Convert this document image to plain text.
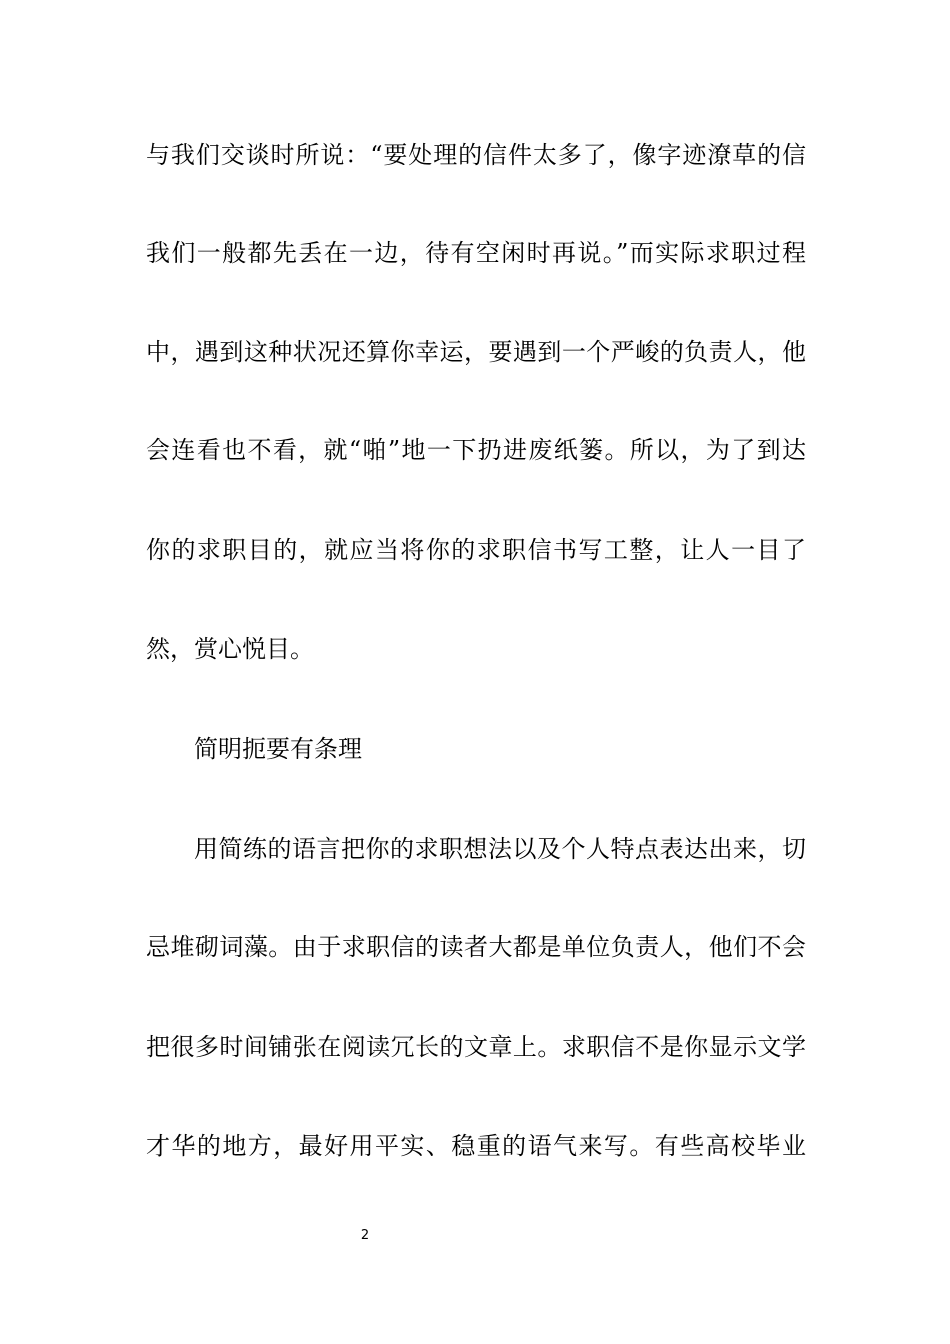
与我们交谈时所说：“要处理的信件太多了，像字迹潦草的信
我们一般都先丢在一边，待有空闲时再说。”而实际求职过程
中，遇到这种状况还算你幸运，要遇到一个严峻的负责人，他
会连看也不看，就“啪”地一下扔进废纸篓。所以，为了到达
你的求职目的，就应当将你的求职信书写工整，让人一目了
然，赏心悦目。
简明扼要有条理
用简练的语言把你的求职想法以及个人特点表达出来，切
忌堆砌词藻。由于求职信的读者大都是单位负责人，他们不会
把很多时间铺张在阅读冗长的文章上。求职信不是你显示文学
才华的地方，最好用平实、稳重的语气来写。有些高校毕业
2
